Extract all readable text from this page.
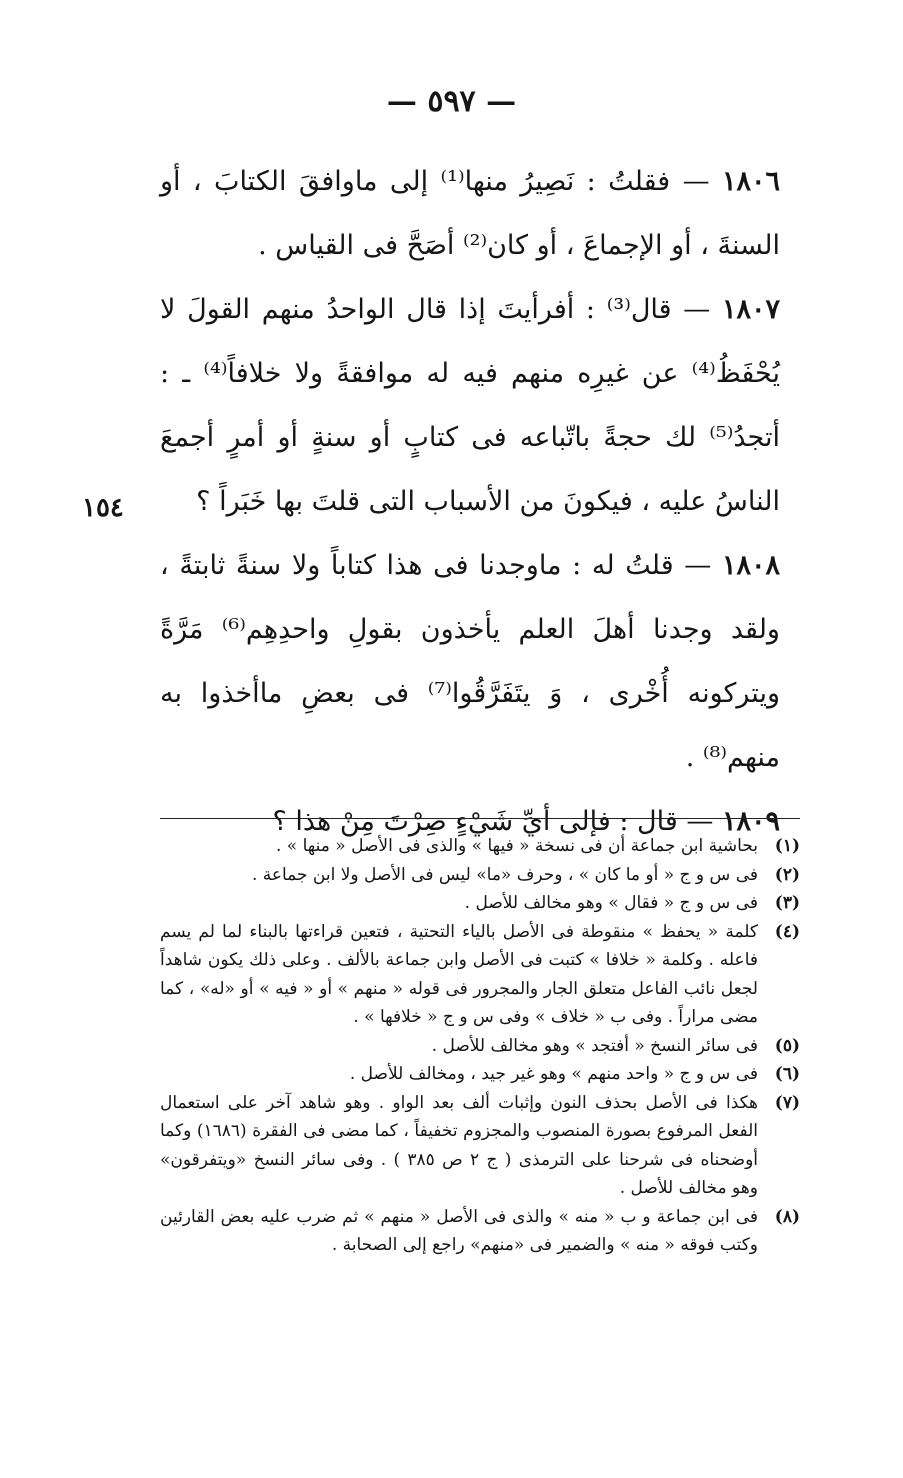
— ٥٩٧ —
١٥٤

١٨٠٦ — فقلتُ : نَصِيرُ منها⁽¹⁾ إلى ماوافقَ الكتابَ ، أو السنةَ ، أو الإجماعَ ، أو كان⁽²⁾ أصَحَّ فى القياس .

١٨٠٧ — قال⁽³⁾ : أفرأيتَ إذا قال الواحدُ منهم القولَ لا يُحْفَظُ⁽⁴⁾ عن غيرِه منهم فيه له موافقةً ولا خلافاً⁽⁴⁾ ـ : أتجدُ⁽⁵⁾ لك حجةً باتّباعه فى كتابٍ أو سنةٍ أو أمرٍ أجمعَ الناسُ عليه ، فيكونَ من الأسباب التى قلتَ بها خَبَراً ؟

١٨٠٨ — قلتُ له : ماوجدنا فى هذا كتاباً ولا سنةً ثابتةً ، ولقد وجدنا أهلَ العلم يأخذون بقولِ واحدِهِم⁽⁶⁾ مَرَّةً ويتركونه أُخْرى ، وَ يتَفَرَّقُوا⁽⁷⁾ فى بعضِ ماأخذوا به منهم⁽⁸⁾ .

١٨٠٩ — قال : فإلى أيِّ شَيْءٍ صِرْتَ مِنْ هذا ؟

(١)
بحاشية ابن جماعة أن فى نسخة « فيها » والذى فى الأصل « منها » .
(٢)
فى س و ج « أو ما كان » ، وحرف «ما» ليس فى الأصل ولا ابن جماعة .
(٣)
فى س و ج « فقال » وهو مخالف للأصل .
(٤)
كلمة « يحفظ » منقوطة فى الأصل بالياء التحتية ، فتعين قراءتها بالبناء لما لم يسم فاعله . وكلمة « خلافا » كتبت فى الأصل وابن جماعة بالألف . وعلى ذلك يكون شاهداً لجعل نائب الفاعل متعلق الجار والمجرور فى قوله « منهم » أو « فيه » أو «له» ، كما مضى مراراً . وفى ب « خلاف » وفى س و ج « خلافها » .
(٥)
فى سائر النسخ « أفتجد » وهو مخالف للأصل .
(٦)
فى س و ج « واحد منهم » وهو غير جيد ، ومخالف للأصل .
(٧)
هكذا فى الأصل بحذف النون وإثبات ألف بعد الواو . وهو شاهد آخر على استعمال الفعل المرفوع بصورة المنصوب والمجزوم تخفيفاً ، كما مضى فى الفقرة (١٦٨٦) وكما أوضحناه فى شرحنا على الترمذى ( ج ٢ ص ٣٨٥ ) . وفى سائر النسخ «ويتفرقون» وهو مخالف للأصل .
(٨)
فى ابن جماعة و ب « منه » والذى فى الأصل « منهم » ثم ضرب عليه بعض القارئين وكتب فوقه « منه » والضمير فى «منهم» راجع إلى الصحابة .
